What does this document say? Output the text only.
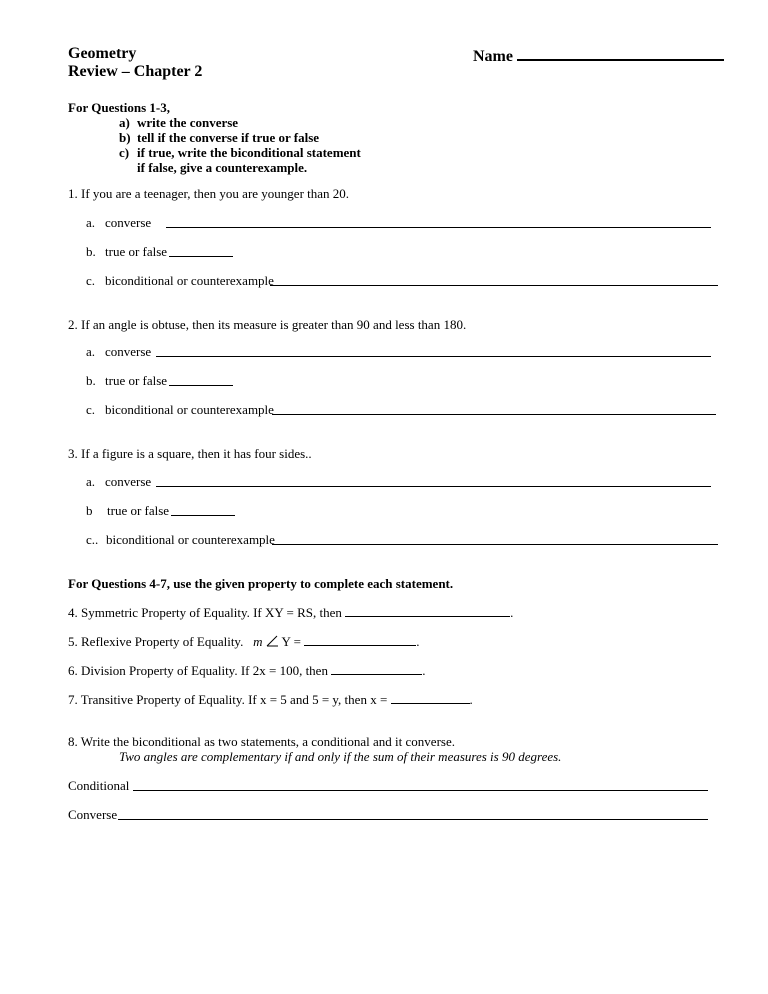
Geometry
Review – Chapter 2
Name
For Questions 1-3,
a) write the converse
b) tell if the converse if true or false
c) if true, write the biconditional statement
if false, give a counterexample.
1. If you are a teenager, then you are younger than 20.
a. converse
b. true or false
c. biconditional or counterexample
2. If an angle is obtuse, then its measure is greater than 90 and less than 180.
a. converse
b. true or false
c. biconditional or counterexample
3. If a figure is a square, then it has four sides..
a. converse
b true or false
c.. biconditional or counterexample
For Questions 4-7, use the given property to complete each statement.
4. Symmetric Property of Equality. If XY = RS, then	.
5. Reflexive Property of Equality. m Y =	.
6. Division Property of Equality. If 2x = 100, then	.
7. Transitive Property of Equality. If x = 5 and 5 = y, then x =	.
8. Write the biconditional as two statements, a conditional and it converse.
Two angles are complementary if and only if the sum of their measures is 90 degrees.
Conditional
Converse
